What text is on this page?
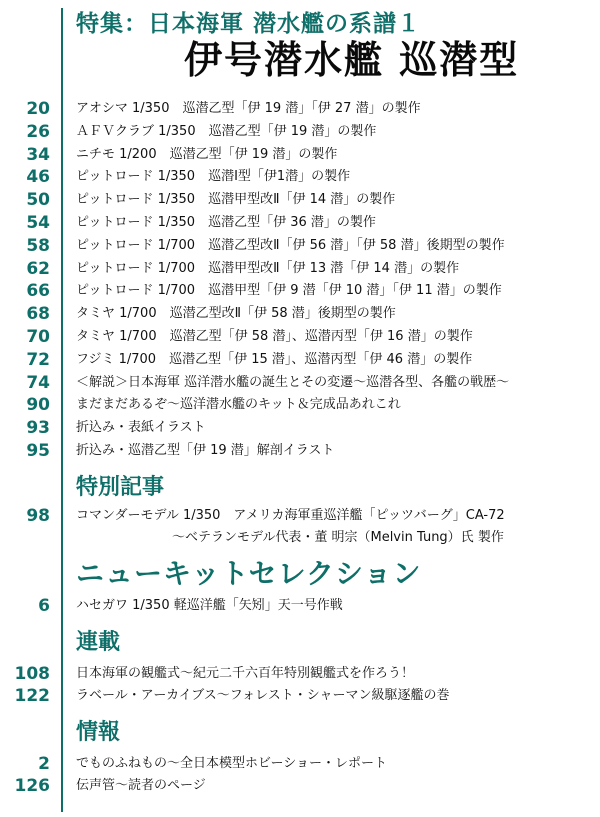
特集：日本海軍 潜水艦の系譜１
伊号潜水艦 巡潜型
20 アオシマ 1/350　巡潜乙型「伊 19 潜」「伊 27 潜」の製作
26 ＡＦＶクラブ 1/350　巡潜乙型「伊 19 潜」の製作
34 ニチモ 1/200　巡潜乙型「伊 19 潜」の製作
46 ピットロード 1/350　巡潜Ⅰ型「伊1潜」の製作
50 ピットロード 1/350　巡潜甲型改Ⅱ「伊 14 潜」の製作
54 ピットロード 1/350　巡潜乙型「伊 36 潜」の製作
58 ピットロード 1/700　巡潜乙型改Ⅱ「伊 56 潜」「伊 58 潜」後期型の製作
62 ピットロード 1/700　巡潜甲型改Ⅱ「伊 13 潜「伊 14 潜」の製作
66 ピットロード 1/700　巡潜甲型「伊 9 潜「伊 10 潜」「伊 11 潜」の製作
68 タミヤ 1/700　巡潜乙型改Ⅱ「伊 58 潜」後期型の製作
70 タミヤ 1/700　巡潜乙型「伊 58 潜」、巡潜丙型「伊 16 潜」の製作
72 フジミ 1/700　巡潜乙型「伊 15 潜」、巡潜丙型「伊 46 潜」の製作
74 ＜解説＞日本海軍 巡洋潜水艦の誕生とその変遷～巡潜各型、各艦の戦歴～
90 まだまだあるぞ～巡洋潜水艦のキット＆完成品あれこれ
93 折込み・表紙イラスト
95 折込み・巡潜乙型「伊 19 潜」解剖イラスト
特別記事
98 コマンダーモデル 1/350　アメリカ海軍重巡洋艦「ピッツバーグ」CA-72
～ベテランモデル代表・董 明宗（Melvin Tung）氏 製作
ニューキットセレクション
6 ハセガワ 1/350 軽巡洋艦「矢矧」天一号作戦
連載
108 日本海軍の観艦式～紀元二千六百年特別観艦式を作ろう！
122 ラベール・アーカイブス～フォレスト・シャーマン級駆逐艦の巻
情報
2 でものふねもの～全日本模型ホビーショー・レポート
126 伝声管～読者のページ
